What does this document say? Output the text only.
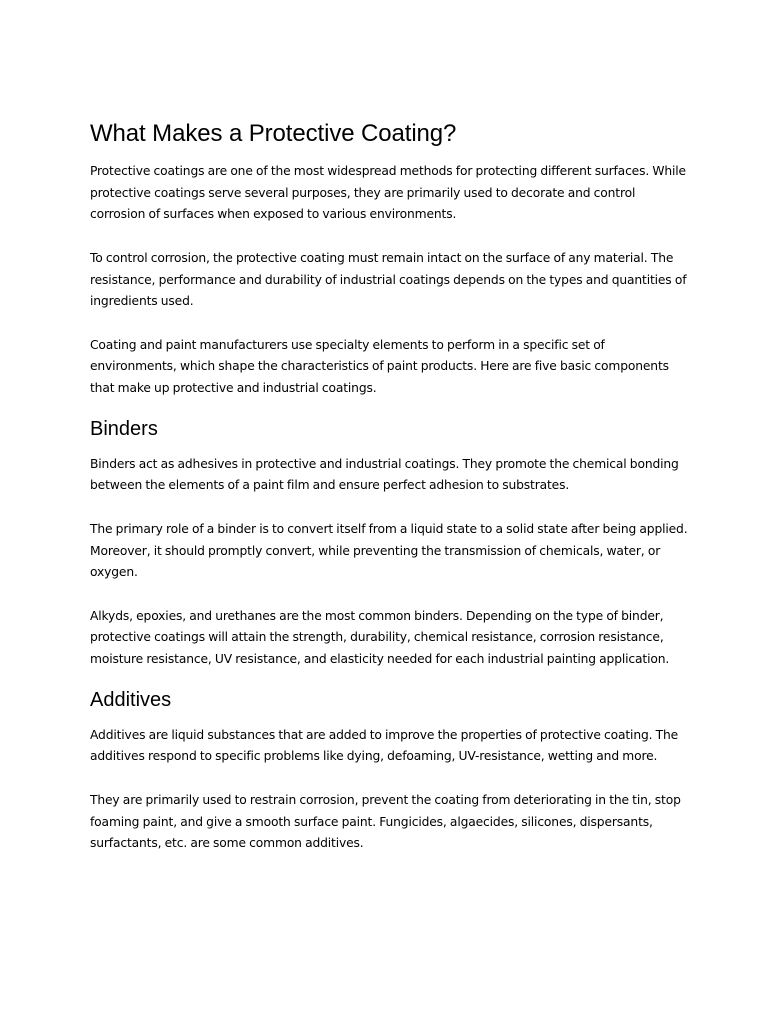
What Makes a Protective Coating?

Protective coatings are one of the most widespread methods for protecting different surfaces. While protective coatings serve several purposes, they are primarily used to decorate and control corrosion of surfaces when exposed to various environments.

To control corrosion, the protective coating must remain intact on the surface of any material. The resistance, performance and durability of industrial coatings depends on the types and quantities of ingredients used.

Coating and paint manufacturers use specialty elements to perform in a specific set of environments, which shape the characteristics of paint products. Here are five basic components that make up protective and industrial coatings.

Binders

Binders act as adhesives in protective and industrial coatings. They promote the chemical bonding between the elements of a paint film and ensure perfect adhesion to substrates.

The primary role of a binder is to convert itself from a liquid state to a solid state after being applied. Moreover, it should promptly convert, while preventing the transmission of chemicals, water, or oxygen.

Alkyds, epoxies, and urethanes are the most common binders. Depending on the type of binder, protective coatings will attain the strength, durability, chemical resistance, corrosion resistance, moisture resistance, UV resistance, and elasticity needed for each industrial painting application.

Additives

Additives are liquid substances that are added to improve the properties of protective coating. The additives respond to specific problems like dying, defoaming, UV-resistance, wetting and more.

They are primarily used to restrain corrosion, prevent the coating from deteriorating in the tin, stop foaming paint, and give a smooth surface paint. Fungicides, algaecides, silicones, dispersants, surfactants, etc. are some common additives.
